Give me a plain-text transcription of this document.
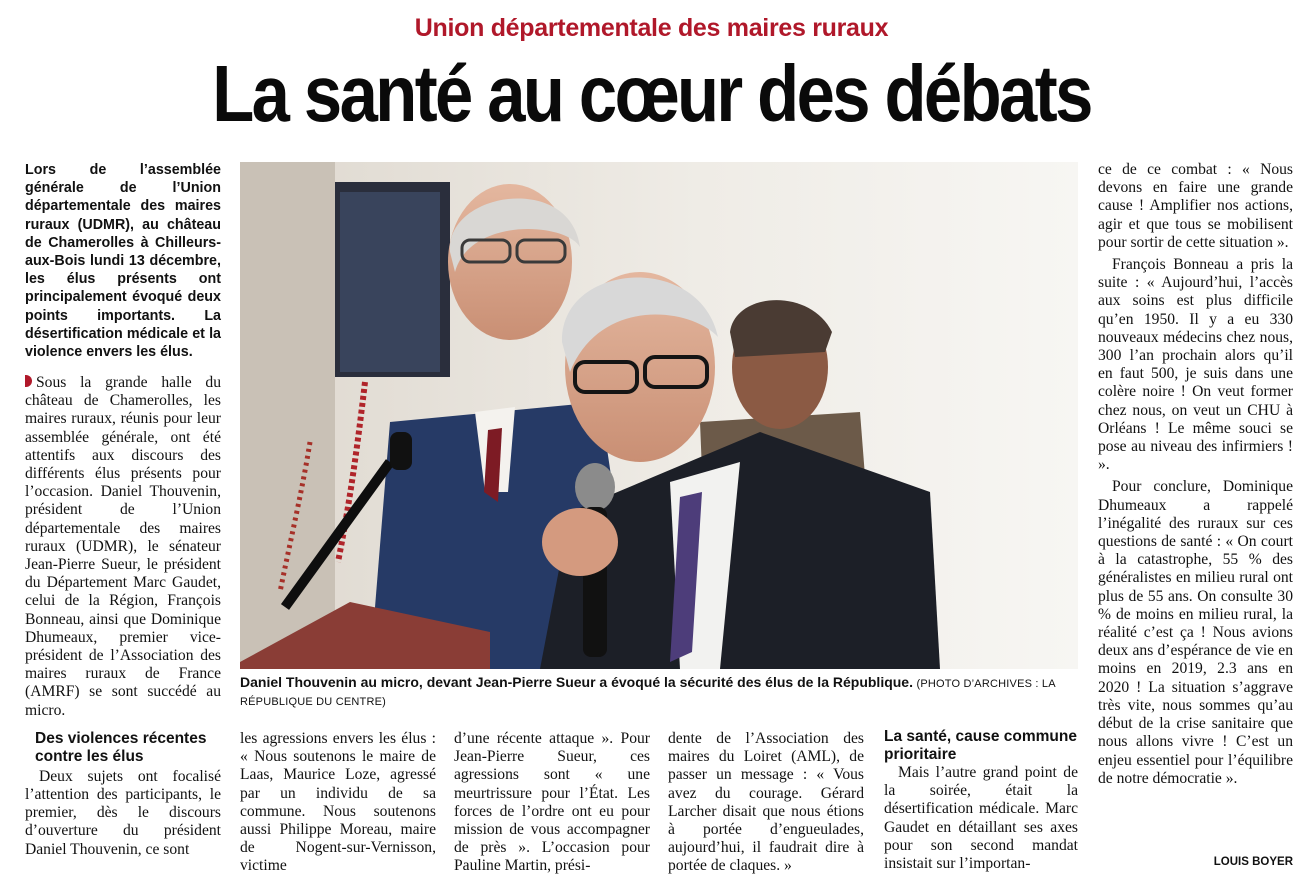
Union départementale des maires ruraux
La santé au cœur des débats
Lors de l’assemblée générale de l’Union départementale des maires ruraux (UDMR), au château de Chamerolles à Chilleurs-aux-Bois lundi 13 décembre, les élus présents ont principalement évoqué deux points importants. La désertification médicale et la violence envers les élus.

Sous la grande halle du château de Chamerolles, les maires ruraux, réunis pour leur assemblée générale, ont été attentifs aux discours des différents élus présents pour l’occasion. Daniel Thouvenin, président de l’Union départementale des maires ruraux (UDMR), le sénateur Jean-Pierre Sueur, le président du Département Marc Gaudet, celui de la Région, François Bonneau, ainsi que Dominique Dhumeaux, premier vice-président de l’Association des maires ruraux de France (AMRF) se sont succédé au micro.

Des violences récentes contre les élus

Deux sujets ont focalisé l’attention des participants, le premier, dès le discours d’ouverture du président Daniel Thouvenin, ce sont

Daniel Thouvenin au micro, devant Jean-Pierre Sueur a évoqué la sécurité des élus de la République. (PHOTO D’ARCHIVES : LA RÉPUBLIQUE DU CENTRE)

les agressions envers les élus : « Nous soutenons le maire de Laas, Maurice Loze, agressé par un individu de sa commune. Nous soutenons aussi Philippe Moreau, maire de Nogent-sur-Vernisson, victime

d’une récente attaque ». Pour Jean-Pierre Sueur, ces agressions sont « une meurtrissure pour l’État. Les forces de l’ordre ont eu pour mission de vous accompagner de près ». L’occasion pour Pauline Martin, prési-

dente de l’Association des maires du Loiret (AML), de passer un message : « Vous avez du courage. Gérard Larcher disait que nous étions à portée d’engueulades, aujourd’hui, il faudrait dire à portée de claques. »

La santé, cause commune prioritaire

Mais l’autre grand point de la soirée, était la désertification médicale. Marc Gaudet en détaillant ses axes pour son second mandat insistait sur l’importan-

ce de ce combat : « Nous devons en faire une grande cause ! Amplifier nos actions, agir et que tous se mobilisent pour sortir de cette situation ».

François Bonneau a pris la suite : « Aujourd’hui, l’accès aux soins est plus difficile qu’en 1950. Il y a eu 330 nouveaux médecins chez nous, 300 l’an prochain alors qu’il en faut 500, je suis dans une colère noire ! On veut former chez nous, on veut un CHU à Orléans ! Le même souci se pose au niveau des infirmiers ! ».

Pour conclure, Dominique Dhumeaux a rappelé l’inégalité des ruraux sur ces questions de santé : « On court à la catastrophe, 55 % des généralistes en milieu rural ont plus de 55 ans. On consulte 30 % de moins en milieu rural, la réalité c’est ça ! Nous avions deux ans d’espérance de vie en moins en 2019, 2.3 ans en 2020 ! La situation s’aggrave très vite, nous sommes qu’au début de la crise sanitaire que nous allons vivre ! C’est un enjeu essentiel pour l’équilibre de notre démocratie ».

LOUIS BOYER
